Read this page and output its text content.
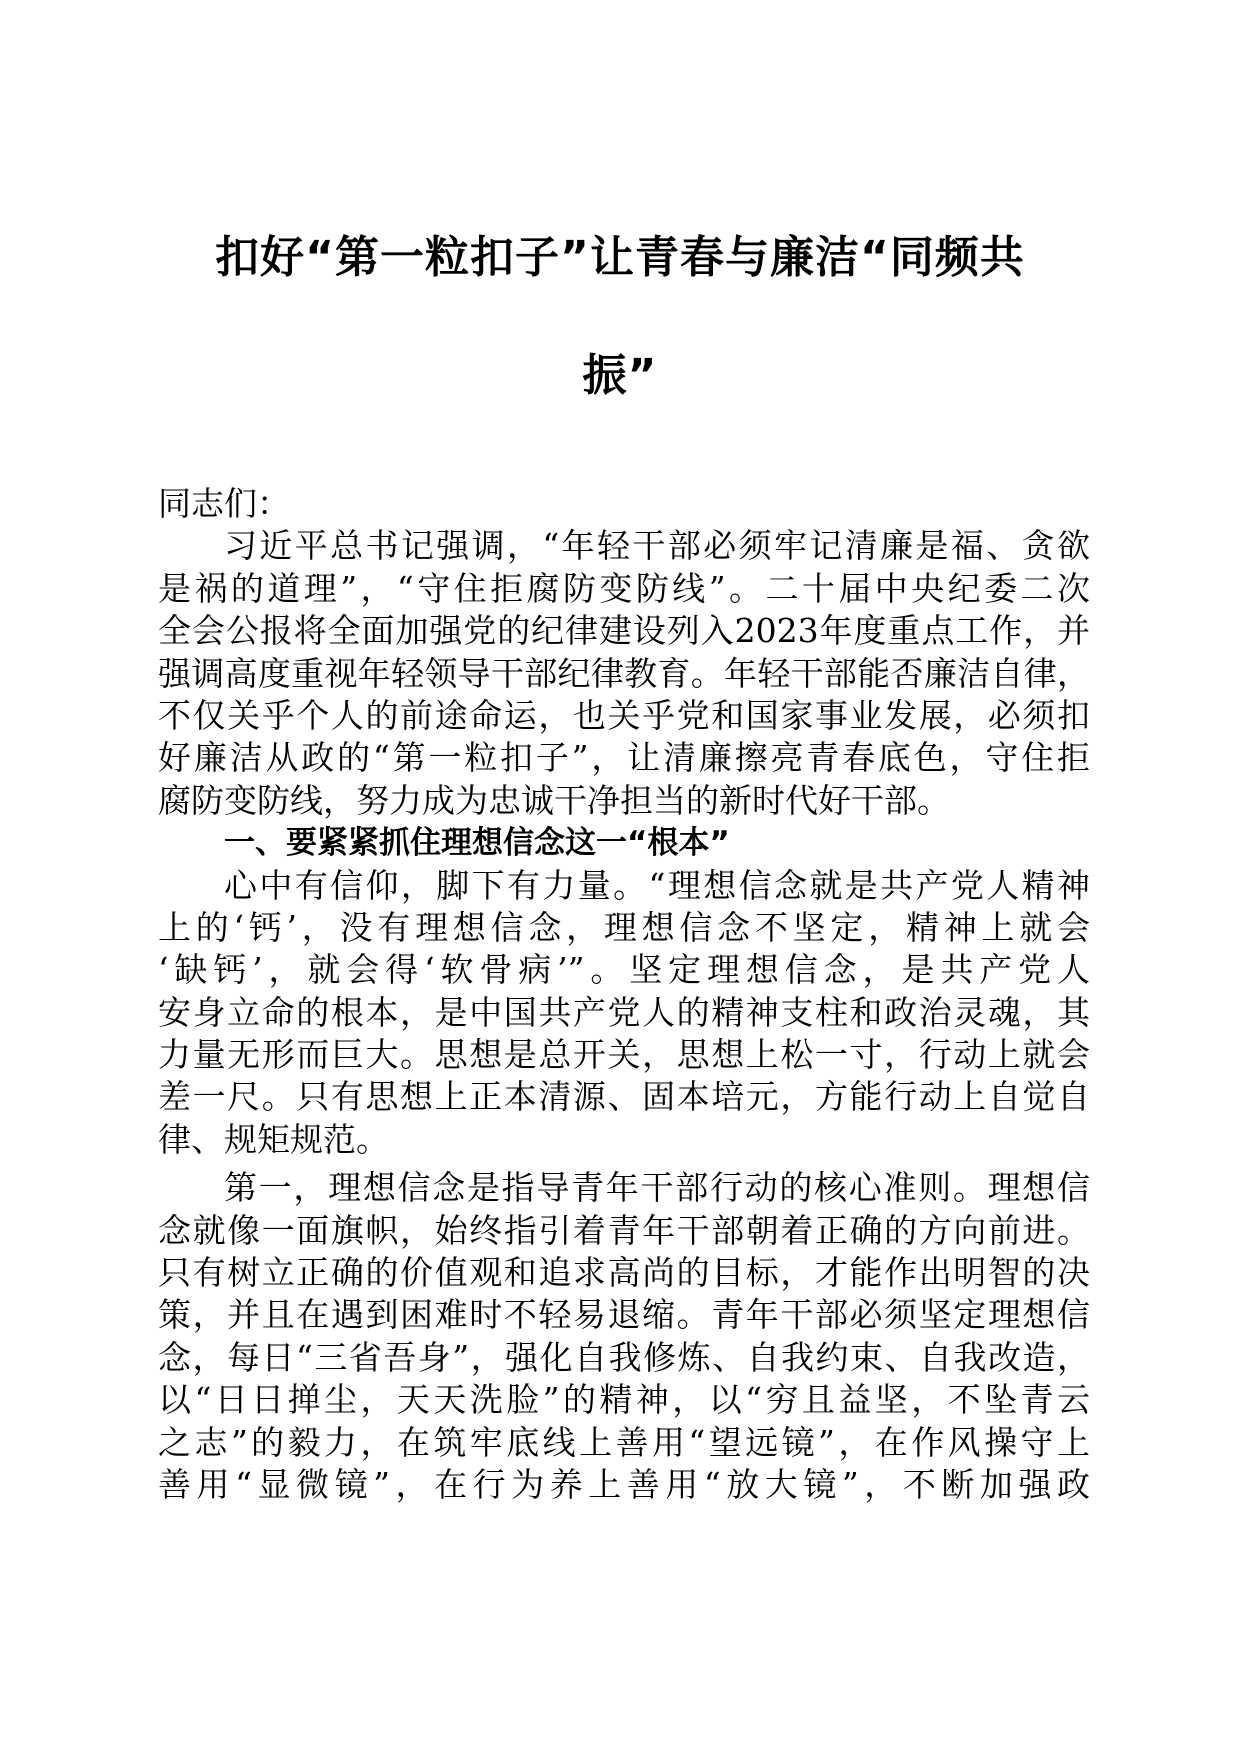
扣好“第一粒扣子”让青春与廉洁“同频共
振”
同志们：
习近平总书记强调，“年轻干部必须牢记清廉是福、贪欲
是祸的道理”，“守住拒腐防变防线”。二十届中央纪委二次
全会公报将全面加强党的纪律建设列入2023年度重点工作，并
强调高度重视年轻领导干部纪律教育。年轻干部能否廉洁自律，
不仅关乎个人的前途命运，也关乎党和国家事业发展，必须扣
好廉洁从政的“第一粒扣子”，让清廉擦亮青春底色，守住拒
腐防变防线，努力成为忠诚干净担当的新时代好干部。
一、要紧紧抓住理想信念这一“根本”
心中有信仰，脚下有力量。“理想信念就是共产党人精神
上的‘钙’，没有理想信念，理想信念不坚定，精神上就会
‘缺钙’，就会得‘软骨病’”。坚定理想信念，是共产党人
安身立命的根本，是中国共产党人的精神支柱和政治灵魂，其
力量无形而巨大。思想是总开关，思想上松一寸，行动上就会
差一尺。只有思想上正本清源、固本培元，方能行动上自觉自
律、规矩规范。
第一，理想信念是指导青年干部行动的核心准则。理想信
念就像一面旗帜，始终指引着青年干部朝着正确的方向前进。
只有树立正确的价值观和追求高尚的目标，才能作出明智的决
策，并且在遇到困难时不轻易退缩。青年干部必须坚定理想信
念，每日“三省吾身”，强化自我修炼、自我约束、自我改造，
以“日日掸尘，天天洗脸”的精神，以“穷且益坚，不坠青云
之志”的毅力，在筑牢底线上善用“望远镜”，在作风操守上
善用“显微镜”，在行为养上善用“放大镜”，不断加强政
